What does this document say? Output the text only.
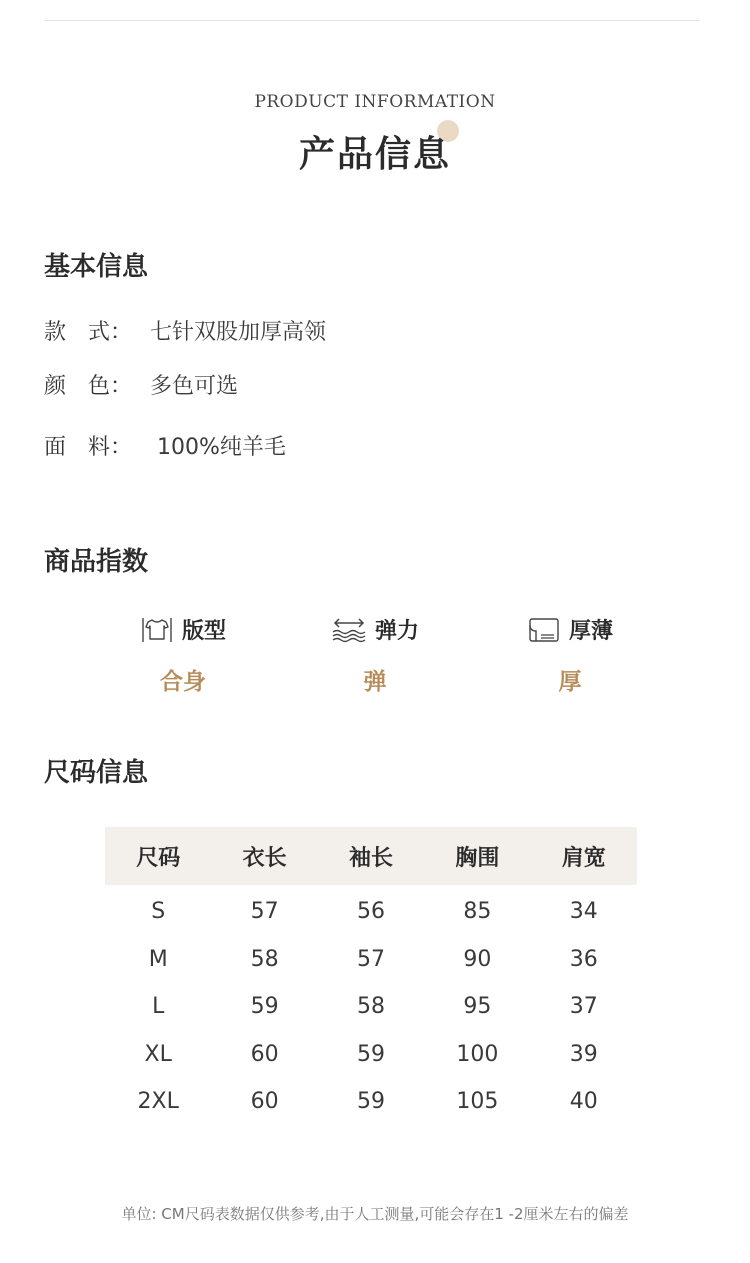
PRODUCT INFORMATION
产品信息
基本信息
款　式： 七针双股加厚高领
颜　色： 多色可选
面　料： 100%纯羊毛
商品指数
版型
合身
弹力
弹
厚薄
厚
尺码信息
尺码	衣长	袖长	胸围	肩宽
S	57	56	85	34
M	58	57	90	36
L	59	58	95	37
XL	60	59	100	39
2XL	60	59	105	40
单位: CM尺码表数据仅供参考,由于人工测量,可能会存在1 -2厘米左右的偏差
